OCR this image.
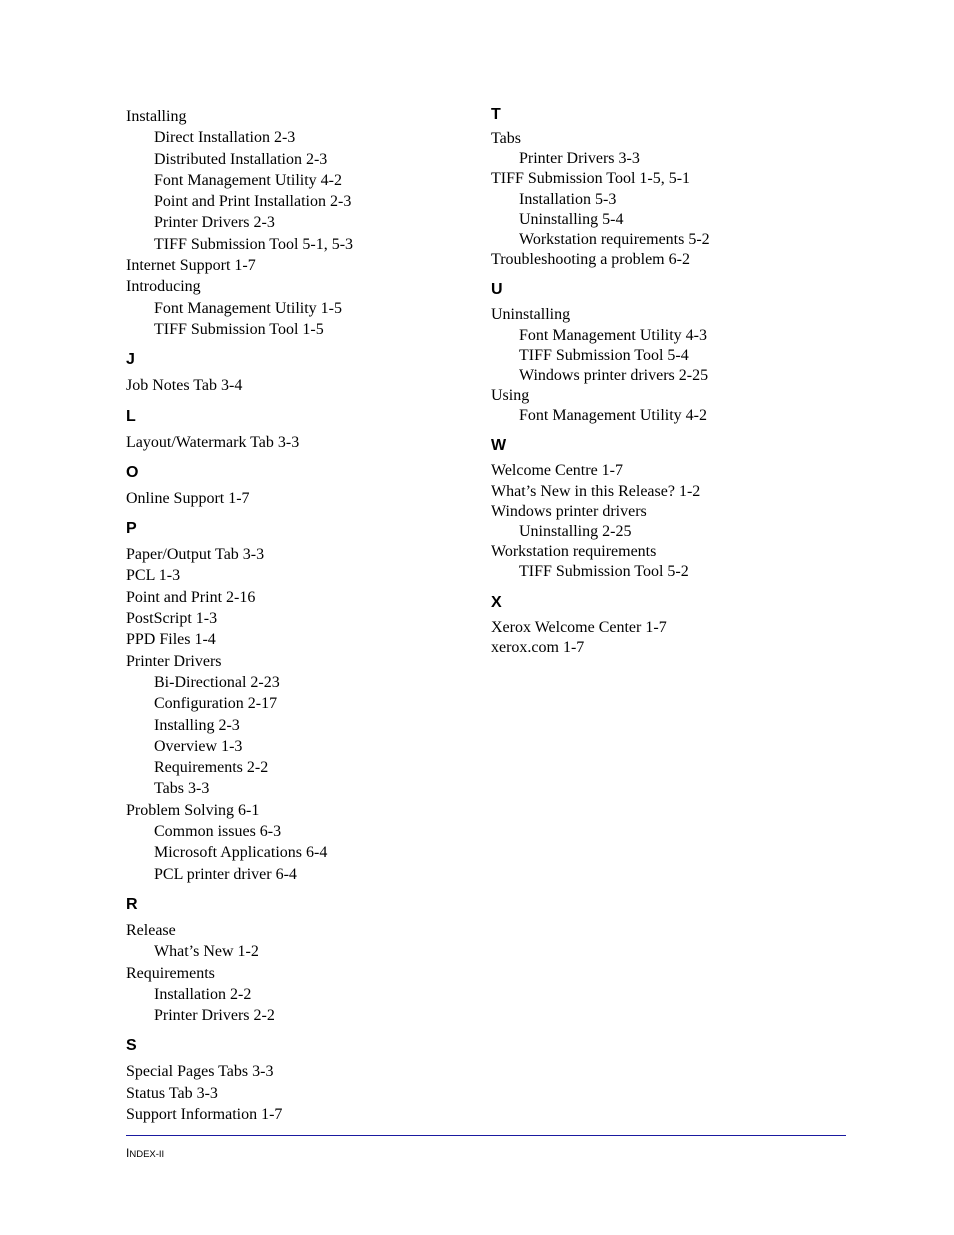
Installing
Direct Installation 2-3
Distributed Installation 2-3
Font Management Utility 4-2
Point and Print Installation 2-3
Printer Drivers 2-3
TIFF Submission Tool 5-1, 5-3
Internet Support 1-7
Introducing
Font Management Utility 1-5
TIFF Submission Tool 1-5
J
Job Notes Tab 3-4
L
Layout/Watermark Tab 3-3
O
Online Support 1-7
P
Paper/Output Tab 3-3
PCL 1-3
Point and Print 2-16
PostScript 1-3
PPD Files 1-4
Printer Drivers
Bi-Directional 2-23
Configuration 2-17
Installing 2-3
Overview 1-3
Requirements 2-2
Tabs 3-3
Problem Solving 6-1
Common issues 6-3
Microsoft Applications 6-4
PCL printer driver 6-4
R
Release
What’s New 1-2
Requirements
Installation 2-2
Printer Drivers 2-2
S
Special Pages Tabs 3-3
Status Tab 3-3
Support Information 1-7
T
Tabs
Printer Drivers 3-3
TIFF Submission Tool 1-5, 5-1
Installation 5-3
Uninstalling 5-4
Workstation requirements 5-2
Troubleshooting a problem 6-2
U
Uninstalling
Font Management Utility 4-3
TIFF Submission Tool 5-4
Windows printer drivers 2-25
Using
Font Management Utility 4-2
W
Welcome Centre 1-7
What’s New in this Release? 1-2
Windows printer drivers
Uninstalling 2-25
Workstation requirements
TIFF Submission Tool 5-2
X
Xerox Welcome Center 1-7
xerox.com 1-7
INDEX-II
